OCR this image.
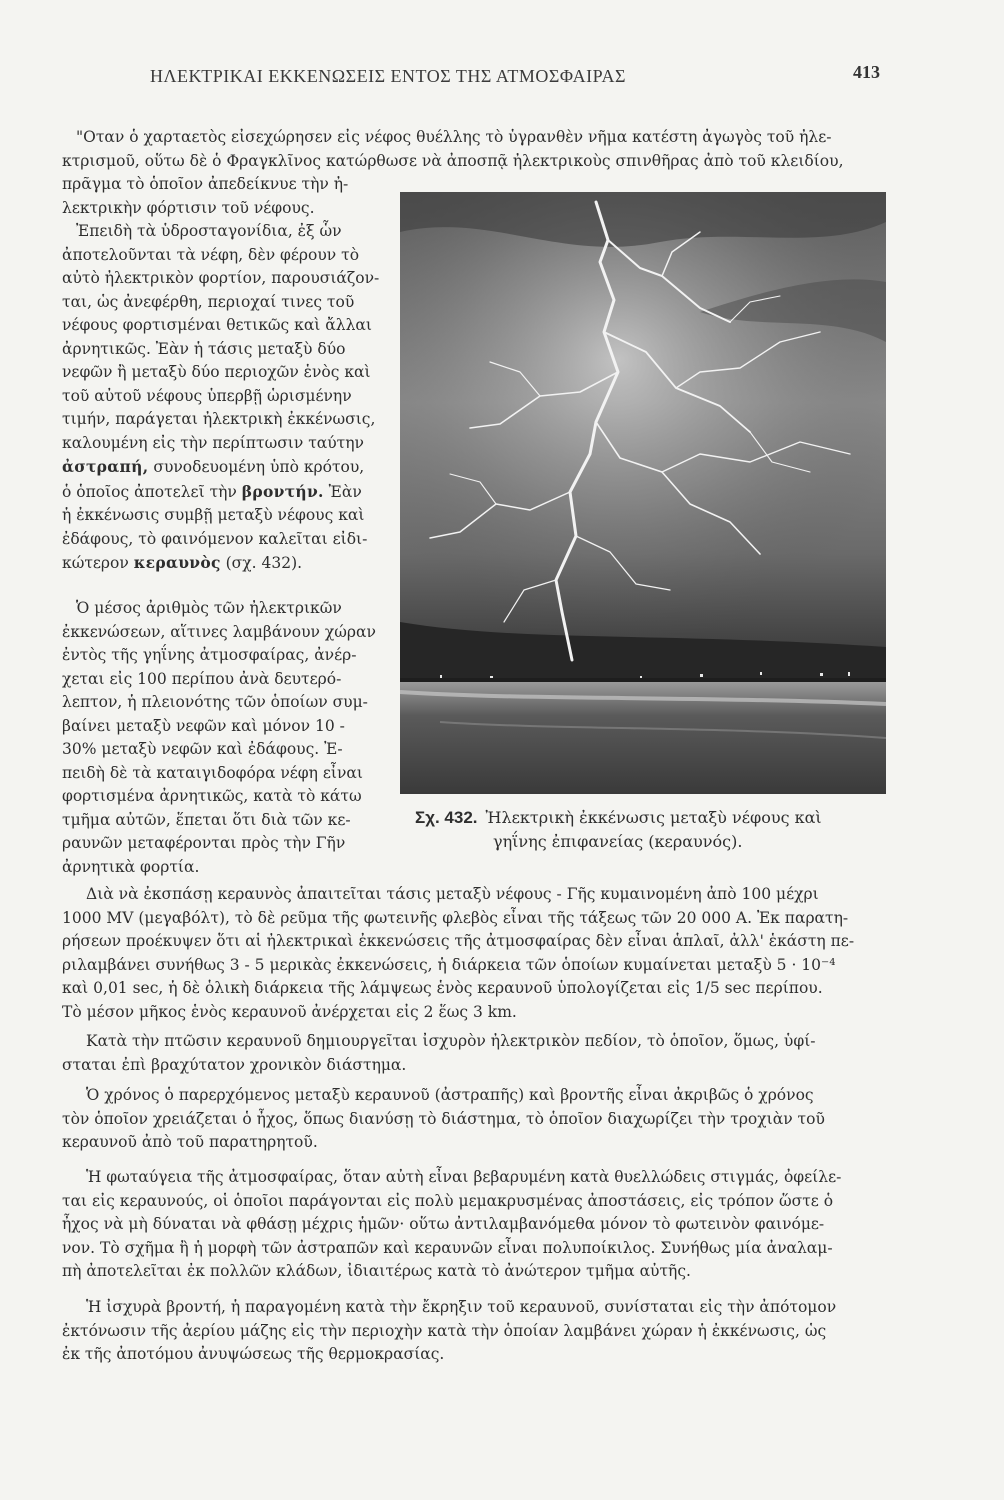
ΗΛΕΚΤΡΙΚΑΙ ΕΚΚΕΝΩΣΕΙΣ ΕΝΤΟΣ ΤΗΣ ΑΤΜΟΣΦΑΙΡΑΣ	413

"Οταν ὁ χαρταετὸς εἰσεχώρησεν εἰς νέφος θυέλλης τὸ ὑγρανθὲν νῆμα κατέστη ἀγωγὸς τοῦ ἠλε-
κτρισμοῦ, οὕτω δὲ ὁ Φραγκλῖνος κατώρθωσε νὰ ἀποσπᾷ ἠλεκτρικοὺς σπινθῆρας ἀπὸ τοῦ κλειδίου,
πρᾶγμα τὸ ὁποῖον ἀπεδείκνυε τὴν ἠ-
λεκτρικὴν φόρτισιν τοῦ νέφους.

Ἐπειδὴ τὰ ὑδροσταγονίδια, ἐξ ὧν
ἀποτελοῦνται τὰ νέφη, δὲν φέρουν τὸ
αὐτὸ ἠλεκτρικὸν φορτίον, παρουσιάζον-
ται, ὡς ἀνεφέρθη, περιοχαί τινες τοῦ
νέφους φορτισμέναι θετικῶς καὶ ἄλλαι
ἀρνητικῶς. Ἐὰν ἡ τάσις μεταξὺ δύο
νεφῶν ἢ μεταξὺ δύο περιοχῶν ἑνὸς καὶ
τοῦ αὐτοῦ νέφους ὑπερβῇ ὡρισμένην
τιμήν, παράγεται ἠλεκτρικὴ ἐκκένωσις,
καλουμένη εἰς τὴν περίπτωσιν ταύτην
ἀστραπή, συνοδευομένη ὑπὸ κρότου,
ὁ ὁποῖος ἀποτελεῖ τὴν βροντήν. Ἐὰν
ἡ ἐκκένωσις συμβῇ μεταξὺ νέφους καὶ
ἐδάφους, τὸ φαινόμενον καλεῖται εἰδι-
κώτερον κεραυνὸς (σχ. 432).

Ὁ μέσος ἀριθμὸς τῶν ἠλεκτρικῶν
ἐκκενώσεων, αἵτινες λαμβάνουν χώραν
ἐντὸς τῆς γηΐνης ἀτμοσφαίρας, ἀνέρ-
χεται εἰς 100 περίπου ἀνὰ δευτερό-
λεπτον, ἡ πλειονότης τῶν ὁποίων συμ-
βαίνει μεταξὺ νεφῶν καὶ μόνον 10 -
30% μεταξὺ νεφῶν καὶ ἐδάφους. Ἐ-
πειδὴ δὲ τὰ καταιγιδοφόρα νέφη εἶναι
φορτισμένα ἀρνητικῶς, κατὰ τὸ κάτω
τμῆμα αὐτῶν, ἕπεται ὅτι διὰ τῶν κε-
ραυνῶν μεταφέρονται πρὸς τὴν Γῆν
ἀρνητικὰ φορτία.

Σχ. 432. Ἠλεκτρικὴ ἐκκένωσις μεταξὺ νέφους καὶ
γηΐνης ἐπιφανείας (κεραυνός).

Διὰ νὰ ἐκσπάσῃ κεραυνὸς ἀπαιτεῖται τάσις μεταξὺ νέφους - Γῆς κυμαινομένη ἀπὸ 100 μέχρι
1000 MV (μεγαβόλτ), τὸ δὲ ρεῦμα τῆς φωτεινῆς φλεβὸς εἶναι τῆς τάξεως τῶν 20 000 Α. Ἐκ παρατη-
ρήσεων προέκυψεν ὅτι αἱ ἠλεκτρικαὶ ἐκκενώσεις τῆς ἀτμοσφαίρας δὲν εἶναι ἁπλαῖ, ἀλλ' ἑκάστη πε-
ριλαμβάνει συνήθως 3 - 5 μερικὰς ἐκκενώσεις, ἡ διάρκεια τῶν ὁποίων κυμαίνεται μεταξὺ 5 · 10⁻⁴
καὶ 0,01 sec, ἡ δὲ ὁλικὴ διάρκεια τῆς λάμψεως ἑνὸς κεραυνοῦ ὑπολογίζεται εἰς 1/5 sec περίπου.
Τὸ μέσον μῆκος ἑνὸς κεραυνοῦ ἀνέρχεται εἰς 2 ἕως 3 km.

Κατὰ τὴν πτῶσιν κεραυνοῦ δημιουργεῖται ἰσχυρὸν ἠλεκτρικὸν πεδίον, τὸ ὁποῖον, ὅμως, ὑφί-
σταται ἐπὶ βραχύτατον χρονικὸν διάστημα.

Ὁ χρόνος ὁ παρερχόμενος μεταξὺ κεραυνοῦ (ἀστραπῆς) καὶ βροντῆς εἶναι ἀκριβῶς ὁ χρόνος
τὸν ὁποῖον χρειάζεται ὁ ἦχος, ὅπως διανύσῃ τὸ διάστημα, τὸ ὁποῖον διαχωρίζει τὴν τροχιὰν τοῦ
κεραυνοῦ ἀπὸ τοῦ παρατηρητοῦ.

Ἡ φωταύγεια τῆς ἀτμοσφαίρας, ὅταν αὐτὴ εἶναι βεβαρυμένη κατὰ θυελλώδεις στιγμάς, ὀφείλε-
ται εἰς κεραυνούς, οἱ ὁποῖοι παράγονται εἰς πολὺ μεμακρυσμένας ἀποστάσεις, εἰς τρόπον ὥστε ὁ
ἦχος νὰ μὴ δύναται νὰ φθάσῃ μέχρις ἡμῶν· οὕτω ἀντιλαμβανόμεθα μόνον τὸ φωτεινὸν φαινόμε-
νον. Τὸ σχῆμα ἢ ἡ μορφὴ τῶν ἀστραπῶν καὶ κεραυνῶν εἶναι πολυποίκιλος. Συνήθως μία ἀναλαμ-
πὴ ἀποτελεῖται ἐκ πολλῶν κλάδων, ἰδιαιτέρως κατὰ τὸ ἀνώτερον τμῆμα αὐτῆς.

Ἡ ἰσχυρὰ βροντή, ἡ παραγομένη κατὰ τὴν ἔκρηξιν τοῦ κεραυνοῦ, συνίσταται εἰς τὴν ἀπότομον
ἐκτόνωσιν τῆς ἀερίου μάζης εἰς τὴν περιοχὴν κατὰ τὴν ὁποίαν λαμβάνει χώραν ἡ ἐκκένωσις, ὡς
ἐκ τῆς ἀποτόμου ἀνυψώσεως τῆς θερμοκρασίας.
